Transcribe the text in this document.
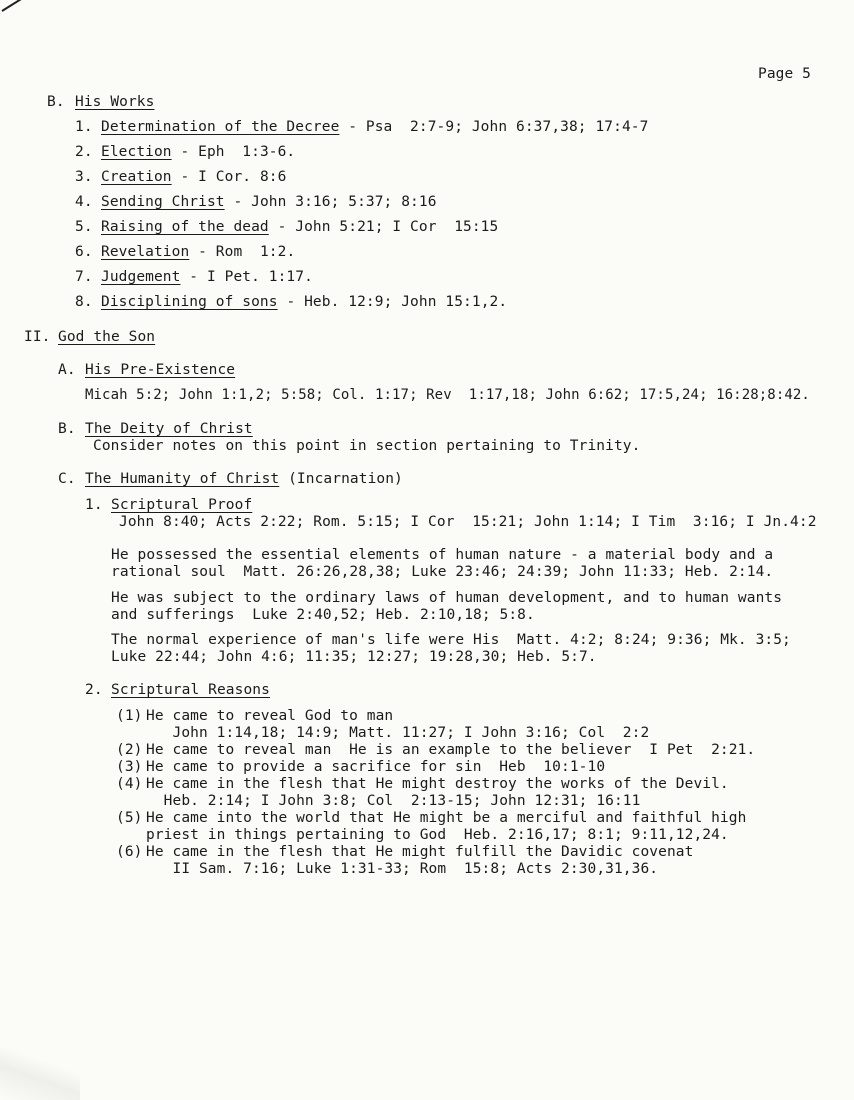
Page 5
B. His Works
1. Determination of the Decree - Psa  2:7-9; John 6:37,38; 17:4-7
2. Election - Eph  1:3-6.
3. Creation - I Cor. 8:6
4. Sending Christ - John 3:16; 5:37; 8:16
5. Raising of the dead - John 5:21; I Cor  15:15
6. Revelation - Rom  1:2.
7. Judgement - I Pet. 1:17.
8. Disciplining of sons - Heb. 12:9; John 15:1,2.
II. God the Son
A. His Pre-Existence
Micah 5:2; John 1:1,2; 5:58; Col. 1:17; Rev  1:17,18; John 6:62; 17:5,24; 16:28;8:42.
B. The Deity of Christ
Consider notes on this point in section pertaining to Trinity.
C. The Humanity of Christ (Incarnation)
1. Scriptural Proof
John 8:40; Acts 2:22; Rom. 5:15; I Cor  15:21; John 1:14; I Tim  3:16; I Jn.4:2
He possessed the essential elements of human nature - a material body and a
rational soul  Matt. 26:26,28,38; Luke 23:46; 24:39; John 11:33; Heb. 2:14.
He was subject to the ordinary laws of human development, and to human wants
and sufferings  Luke 2:40,52; Heb. 2:10,18; 5:8.
The normal experience of man's life were His  Matt. 4:2; 8:24; 9:36; Mk. 3:5;
Luke 22:44; John 4:6; 11:35; 12:27; 19:28,30; Heb. 5:7.
2. Scriptural Reasons
(1) He came to reveal God to man
John 1:14,18; 14:9; Matt. 11:27; I John 3:16; Col  2:2
(2) He came to reveal man  He is an example to the believer  I Pet  2:21.
(3) He came to provide a sacrifice for sin  Heb  10:1-10
(4) He came in the flesh that He might destroy the works of the Devil.
Heb. 2:14; I John 3:8; Col  2:13-15; John 12:31; 16:11
(5) He came into the world that He might be a merciful and faithful high
priest in things pertaining to God  Heb. 2:16,17; 8:1; 9:11,12,24.
(6) He came in the flesh that He might fulfill the Davidic covenat
II Sam. 7:16; Luke 1:31-33; Rom  15:8; Acts 2:30,31,36.
